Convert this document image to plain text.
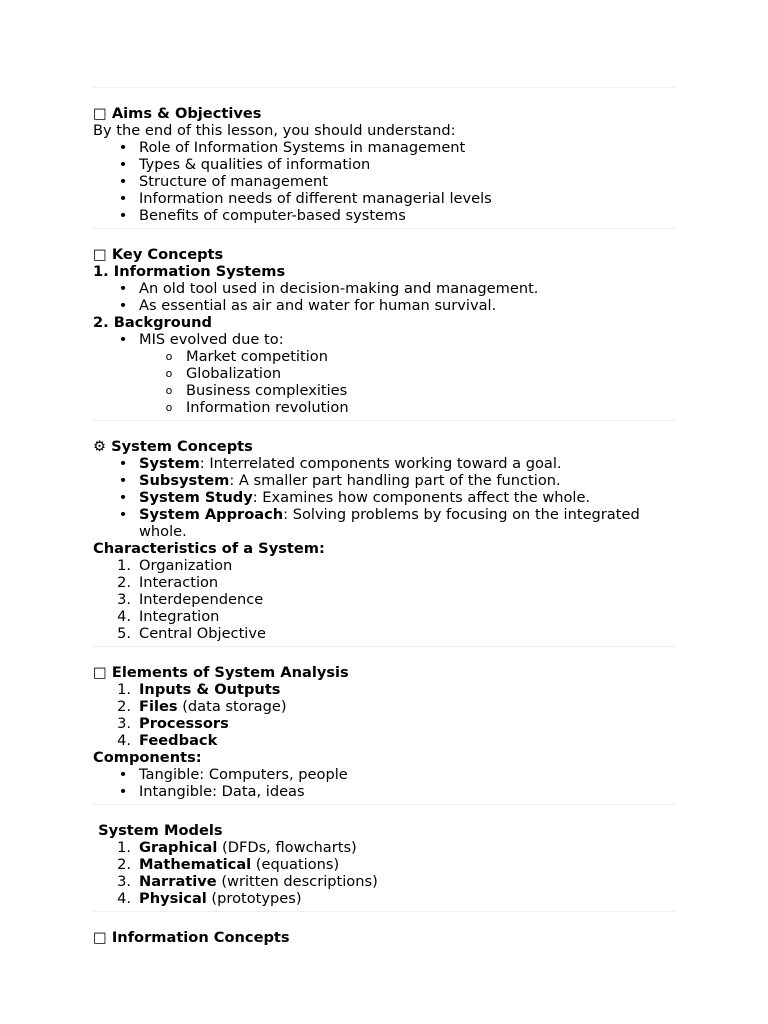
□ Aims & Objectives

By the end of this lesson, you should understand:

• Role of Information Systems in management
• Types & qualities of information
• Structure of management
• Information needs of different managerial levels
• Benefits of computer-based systems

□ Key Concepts

1. Information Systems

• An old tool used in decision-making and management.
• As essential as air and water for human survival.

2. Background

• MIS evolved due to:
o Market competition
o Globalization
o Business complexities
o Information revolution

⚙ System Concepts

• System: Interrelated components working toward a goal.
• Subsystem: A smaller part handling part of the function.
• System Study: Examines how components affect the whole.
• System Approach: Solving problems by focusing on the integrated whole.

Characteristics of a System:

1. Organization
2. Interaction
3. Interdependence
4. Integration
5. Central Objective

□ Elements of System Analysis

1. Inputs & Outputs
2. Files (data storage)
3. Processors
4. Feedback

Components:

• Tangible: Computers, people
• Intangible: Data, ideas

System Models

1. Graphical (DFDs, flowcharts)
2. Mathematical (equations)
3. Narrative (written descriptions)
4. Physical (prototypes)

□ Information Concepts
